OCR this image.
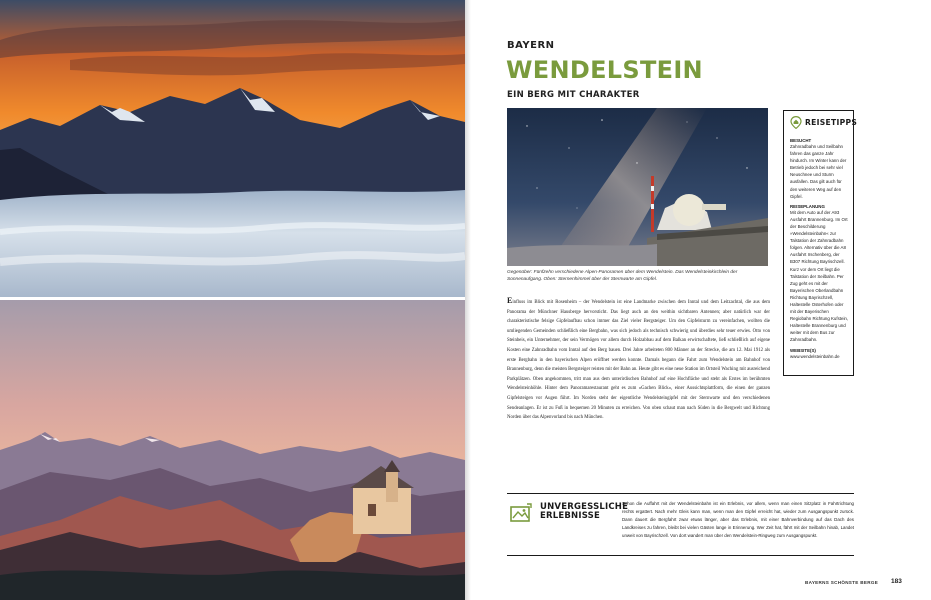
BAYERN
WENDELSTEIN
EIN BERG MIT CHARAKTER
Gegenüber: Fünfzehn verschiedene Alpen-Panoramen über dem Wendelstein. Das Wendelsteinkirchlein der Sonnenaufgang. Oben: Sternenhimmel über der Sternwarte am Gipfel.
Einfluss im Blick mit Rosenheim – der Wendelstein ist eine Landmarke zwischen dem Inntal und dem Leitzachtal, die aus dem Panorama der Münchner Hausberge hervorsticht. Das liegt auch an den weithin sichtbaren Antennen; aber natürlich war der charakteristische felsige Gipfelaufbau schon immer das Ziel vieler Bergsteiger. Um den Gipfelsturm zu vereinfachen, wollten die umliegenden Gemeinden schließlich eine Bergbahn, was sich jedoch als technisch schwierig und überdies sehr teuer erwies. Otto von Steinbeis, ein Unternehmer, der sein Vermögen vor allem durch Holzabbau auf dem Balkan erwirtschaftete, ließ schließlich auf eigene Kosten eine Zahnradbahn vom Inntal auf den Berg bauen. Drei Jahre arbeiteten 800 Männer an der Strecke, die am 12. Mai 1912 als erste Bergbahn in den bayerischen Alpen eröffnet werden konnte. Damals begann die Fahrt zum Wendelstein am Bahnhof von Brannenburg, denn die meisten Bergsteiger reisten mit der Bahn an. Heute gibt es eine neue Station im Ortsteil Waching mit ausreichend Parkplätzen. Oben angekommen, tritt man aus dem unterirdischen Bahnhof auf eine Hochfläche und steht als Erstes im berühmten Wendelsteinhöhle. Hinter dem Panoramarestaurant geht es zum »Gachen Blick«, einer Aussichtsplattform, die einen der ganzen Gipfelsteigen vor Augen führt. Im Norden steht der eigentliche Wendelsteingipfel mit der Sternwarte und den verschiedenen Sendeanlagen. Er ist zu Fuß in bequemen 20 Minuten zu erreichen. Von oben schaut man nach Süden in die Bergwelt und Richtung Norden über das Alpenvorland bis nach München.
REISETIPPS
BESUCHT
Zahnradbahn und Seilbahn fahren das ganze Jahr hindurch. Im Winter kann der Betrieb jedoch bei sehr viel Neuschnee und Sturm ausfallen. Das gilt auch für den weiteren Weg auf den Gipfel.
REISEPLANUNG
Mit dem Auto auf der A93 Ausfahrt Brannenburg. Im Ort der Beschilderung »Wendelsteinbahn« zur Talstation der Zahnradbahn folgen. Alternativ über die A8 Ausfahrt Irschenberg, der B307 Richtung Bayrischzell. Kurz vor dem Ort liegt die Talstation der Seilbahn. Per Zug geht es mit der Bayerischen Oberlandbahn Richtung Bayrischzell, Haltestelle Osterhofen oder mit der Bayerischen Regiobahn Richtung Kufstein, Haltestelle Brannenburg und weiter mit dem Bus zur Zahnradbahn.
WEBSITE(S)
www.wendelsteinbahn.de
UNVERGESSLICHE ERLEBNISSE
Schon die Auffahrt mit der Wendelsteinbahn ist ein Erlebnis, vor allem, wenn man einen Sitzplatz in Fahrtrichtung rechts ergattert. Nach mehr Gleis kann man, wenn man den Gipfel erreicht hat, wieder zum Ausgangspunkt zurück. Dann dauert die Bergfahrt zwar etwas länger, aber das Erlebnis, mit einer Bahnverbindung auf das Dach des Landkreises zu fahren, bleibt bei vielen Gästen lange in Erinnerung. Wer Zeit hat, fährt mit der Seilbahn hinab, Landet unweit von Bayrischzell. Von dort wandert man über den Wendelstein-Ringweg zum Ausgangspunkt.
BAYERNS SCHÖNSTE BERGE 183
